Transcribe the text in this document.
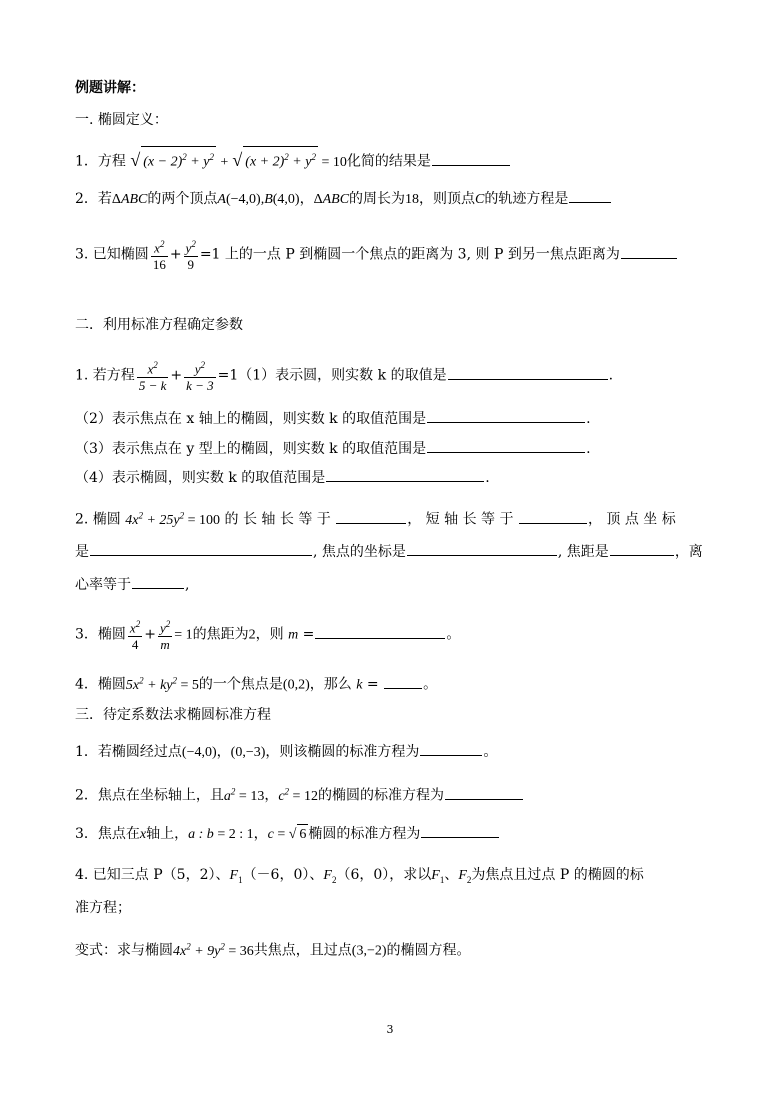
例题讲解：
一. 椭圆定义：
1．方程 √ $(x - 2)^2 + y^2$ + √ $(x + 2)^2 + y^2 = 10$化简的结果是
2．若ΔABC的两个顶点A(−4,0),B(4,0)，ΔABC的周长为18，则顶点C的轨迹方程是
3. 已知椭圆 $\frac{x^2}{16} + \frac{y^2}{9} =1$ 上的一点 P 到椭圆一个焦点的距离为 3, 则 P 到另一焦点距离为
二．利用标准方程确定参数
1. 若方程 $\frac{x^2}{5 - k} + \frac{y^2}{k - 3} =1(1)$表示圆，则实数 k 的取值是	.
（2）表示焦点在 x 轴上的椭圆，则实数 k 的取值范围是	.
（3）表示焦点在 y 型上的椭圆，则实数 k 的取值范围是	.
（4）表示椭圆，则实数 k 的取值范围是	.
2. 椭圆 $4x^2 + 25y^2 = 100$ 的 长 轴 长 等 于	， 短 轴 长 等 于	， 顶 点 坐 标
是	, 焦点的坐标是	, 焦距是	，离
心率等于	,
3．椭圆 $\frac{x^2}{4} + \frac{y^2}{m} = 1$的焦距为2，则 m =	。
4．椭圆$5x^2 + ky^2 = 5$的一个焦点是(0,2)，那么 k =	。
三．待定系数法求椭圆标准方程
1．若椭圆经过点(−4,0)，(0,−3)，则该椭圆的标准方程为	。
2．焦点在坐标轴上，且$a^2 = 13$，$c^2 = 12$的椭圆的标准方程为
3．焦点在x轴上，a : b = 2 : 1，c = √ 6 椭圆的标准方程为
4. 已知三点 P（5，2）、$F_1(-6$，0）、$F_2(6$，0），求以$F_1$、$F_2$为焦点且过点 P 的椭圆的标
准方程；
变式：求与椭圆$4x^2 + 9y^2 = 36$共焦点，且过点(3,−2)的椭圆方程。
3
